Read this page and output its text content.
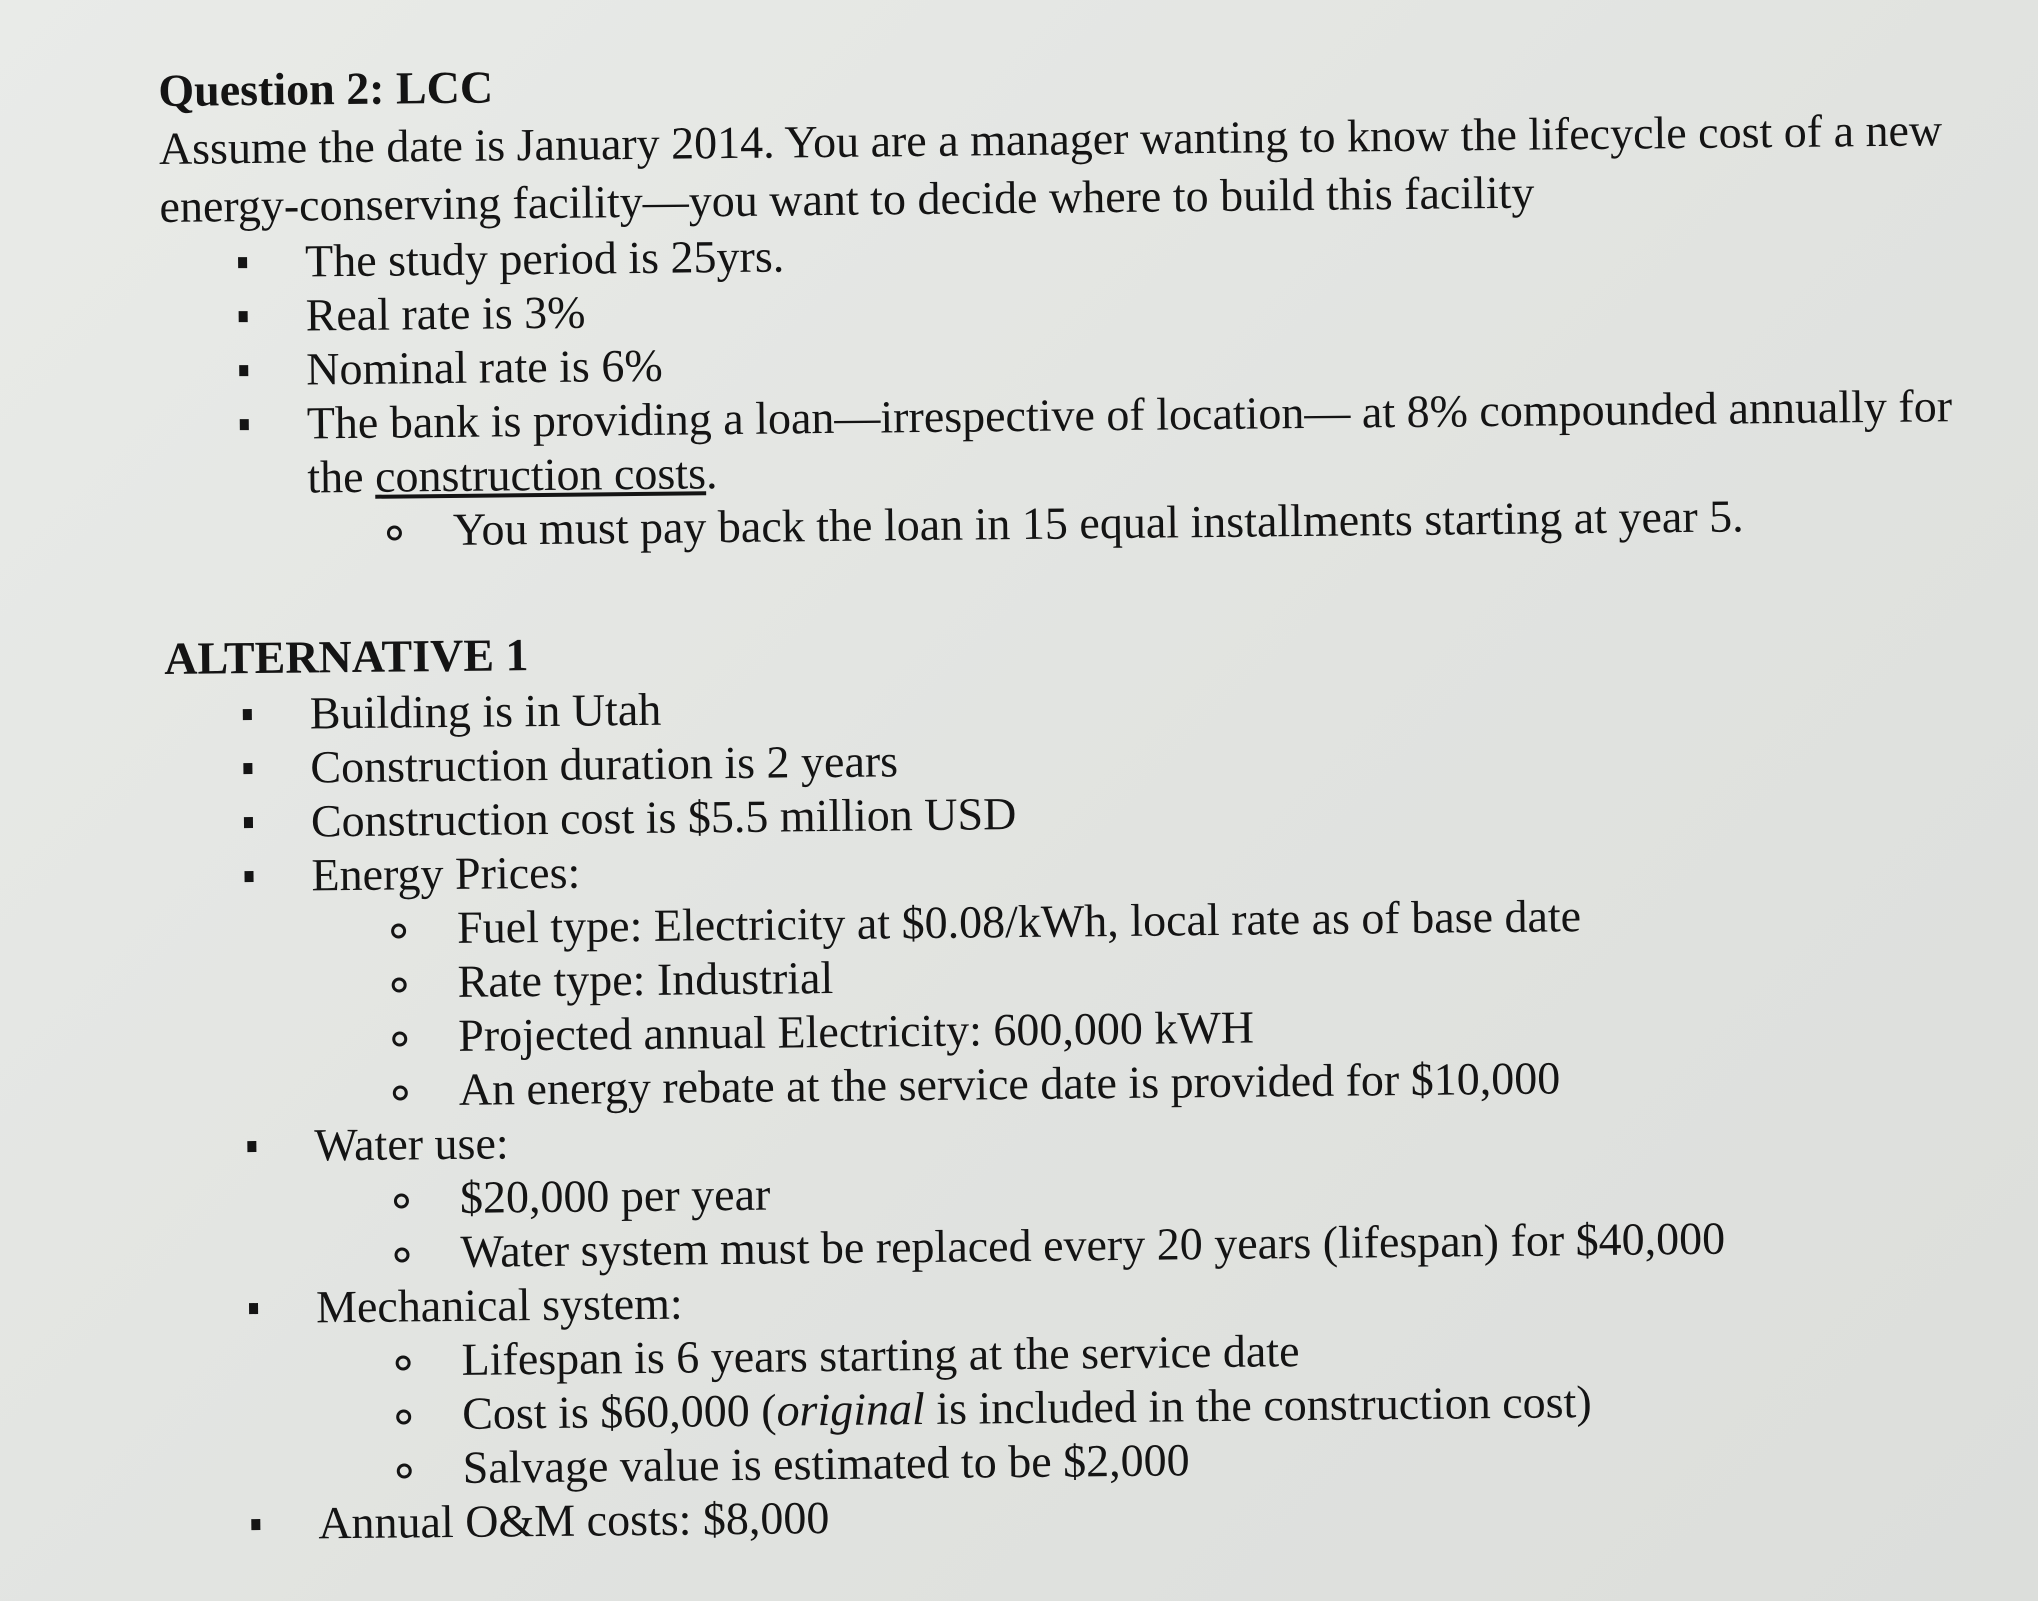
Question 2: LCC
Assume the date is January 2014. You are a manager wanting to know the lifecycle cost of a new
energy-conserving facility—you want to decide where to build this facility
The study period is 25yrs.
Real rate is 3%
Nominal rate is 6%
The bank is providing a loan—irrespective of location— at 8% compounded annually for
the construction costs.
You must pay back the loan in 15 equal installments starting at year 5.
ALTERNATIVE 1
Building is in Utah
Construction duration is 2 years
Construction cost is $5.5 million USD
Energy Prices:
Fuel type: Electricity at $0.08/kWh, local rate as of base date
Rate type: Industrial
Projected annual Electricity: 600,000 kWH
An energy rebate at the service date is provided for $10,000
Water use:
$20,000 per year
Water system must be replaced every 20 years (lifespan) for $40,000
Mechanical system:
Lifespan is 6 years starting at the service date
Cost is $60,000 (original is included in the construction cost)
Salvage value is estimated to be $2,000
Annual O&M costs: $8,000
